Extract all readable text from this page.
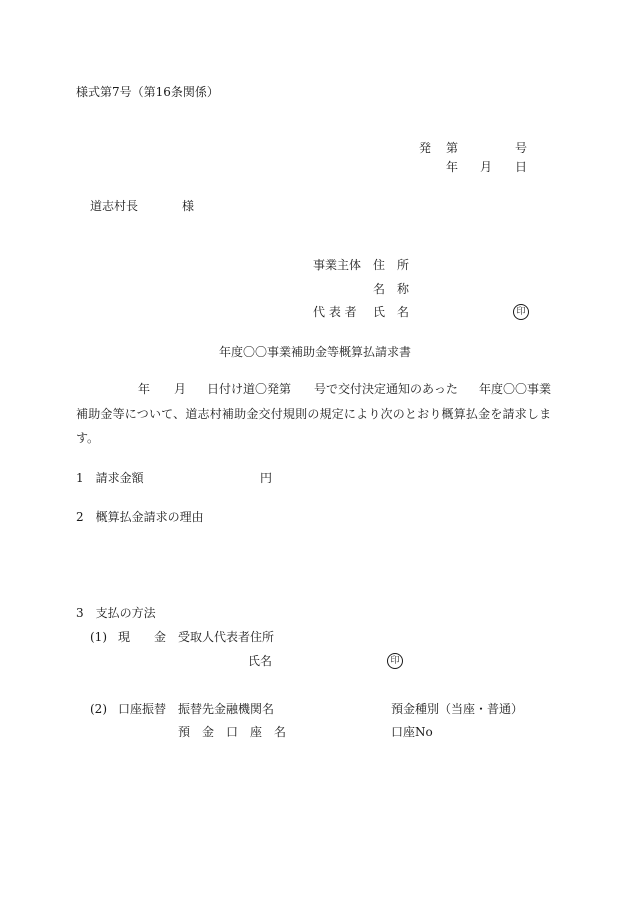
様式第7号（第16条関係）
発 第	号
年 月 日
道志村長	様
事業主体 住　所
名　称
代 表 者 氏　名	印
年度〇〇事業補助金等概算払請求書
年 月 日付け道〇発第 号で交付決定通知のあった 年度〇〇事業
補助金等について、道志村補助金交付規則の規定により次のとおり概算払金を請求しま
す。
1　請求金額	円
2　概算払金請求の理由
3　支払の方法
(1) 現　　金 受取人代表者住所
氏名	印
(2) 口座振替 振替先金融機関名	預金種別（当座・普通）
預　金　口　座　名	口座No
